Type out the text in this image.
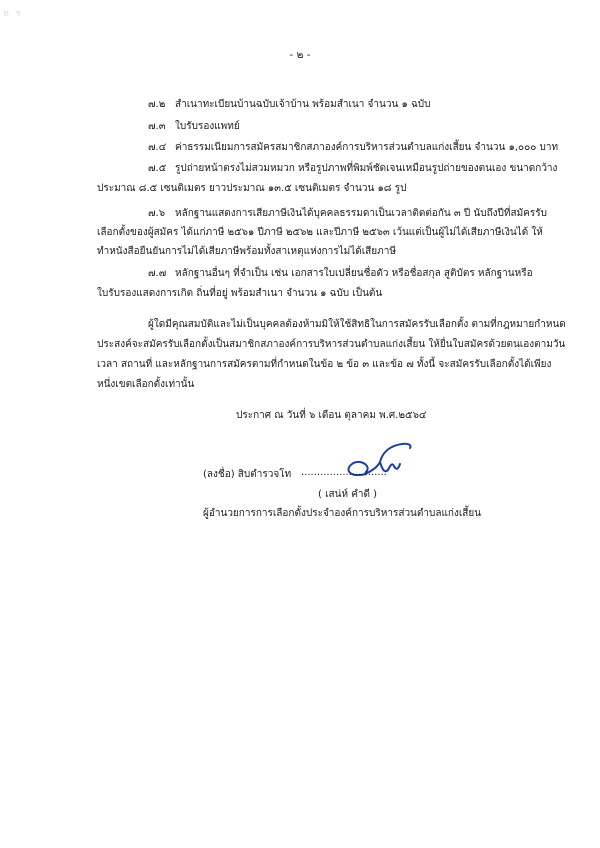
ห ร
- ๒ -
๗.๒ สำเนาทะเบียนบ้านฉบับเจ้าบ้าน พร้อมสำเนา จำนวน ๑ ฉบับ
๗.๓ ใบรับรองแพทย์
๗.๔ ค่าธรรมเนียมการสมัครสมาชิกสภาองค์การบริหารส่วนตำบลแก่งเสี้ยน จำนวน ๑,๐๐๐ บาท
๗.๕ รูปถ่ายหน้าตรงไม่สวมหมวก หรือรูปภาพที่พิมพ์ชัดเจนเหมือนรูปถ่ายของตนเอง ขนาดกว้าง
ประมาณ ๘.๕ เซนติเมตร ยาวประมาณ ๑๓.๕ เซนติเมตร จำนวน ๑๘ รูป
๗.๖ หลักฐานแสดงการเสียภาษีเงินได้บุคคลธรรมดาเป็นเวลาติดต่อกัน ๓ ปี นับถึงปีที่สมัครรับ
เลือกตั้งของผู้สมัคร ได้แก่ภาษี ๒๕๖๑ ปีภาษี ๒๕๖๒ และปีภาษี ๒๕๖๓ เว้นแต่เป็นผู้ไม่ได้เสียภาษีเงินได้ ให้
ทำหนังสือยืนยันการไม่ได้เสียภาษีพร้อมทั้งสาเหตุแห่งการไม่ได้เสียภาษี
๗.๗ หลักฐานอื่นๆ ที่จำเป็น เช่น เอกสารใบเปลี่ยนชื่อตัว หรือชื่อสกุล สูติบัตร หลักฐานหรือ
ใบรับรองแสดงการเกิด ถิ่นที่อยู่ พร้อมสำเนา จำนวน ๑ ฉบับ เป็นต้น
ผู้ใดมีคุณสมบัติและไม่เป็นบุคคลต้องห้ามมิให้ใช้สิทธิในการสมัครรับเลือกตั้ง ตามที่กฎหมายกำหนด
ประสงค์จะสมัครรับเลือกตั้งเป็นสมาชิกสภาองค์การบริหารส่วนตำบลแก่งเสี้ยน ให้ยื่นใบสมัครด้วยตนเองตามวัน
เวลา สถานที่ และหลักฐานการสมัครตามที่กำหนดในข้อ ๒ ข้อ ๓ และข้อ ๗ ทั้งนี้ จะสมัครรับเลือกตั้งได้เพียง
หนึ่งเขตเลือกตั้งเท่านั้น
ประกาศ ณ วันที่ ๖ เดือน ตุลาคม พ.ศ.๒๕๖๔
(ลงชื่อ) สิบตำรวจโท ...........................
( เสน่ห์ คำดี )
ผู้อำนวยการการเลือกตั้งประจำองค์การบริหารส่วนตำบลแก่งเสี้ยน
